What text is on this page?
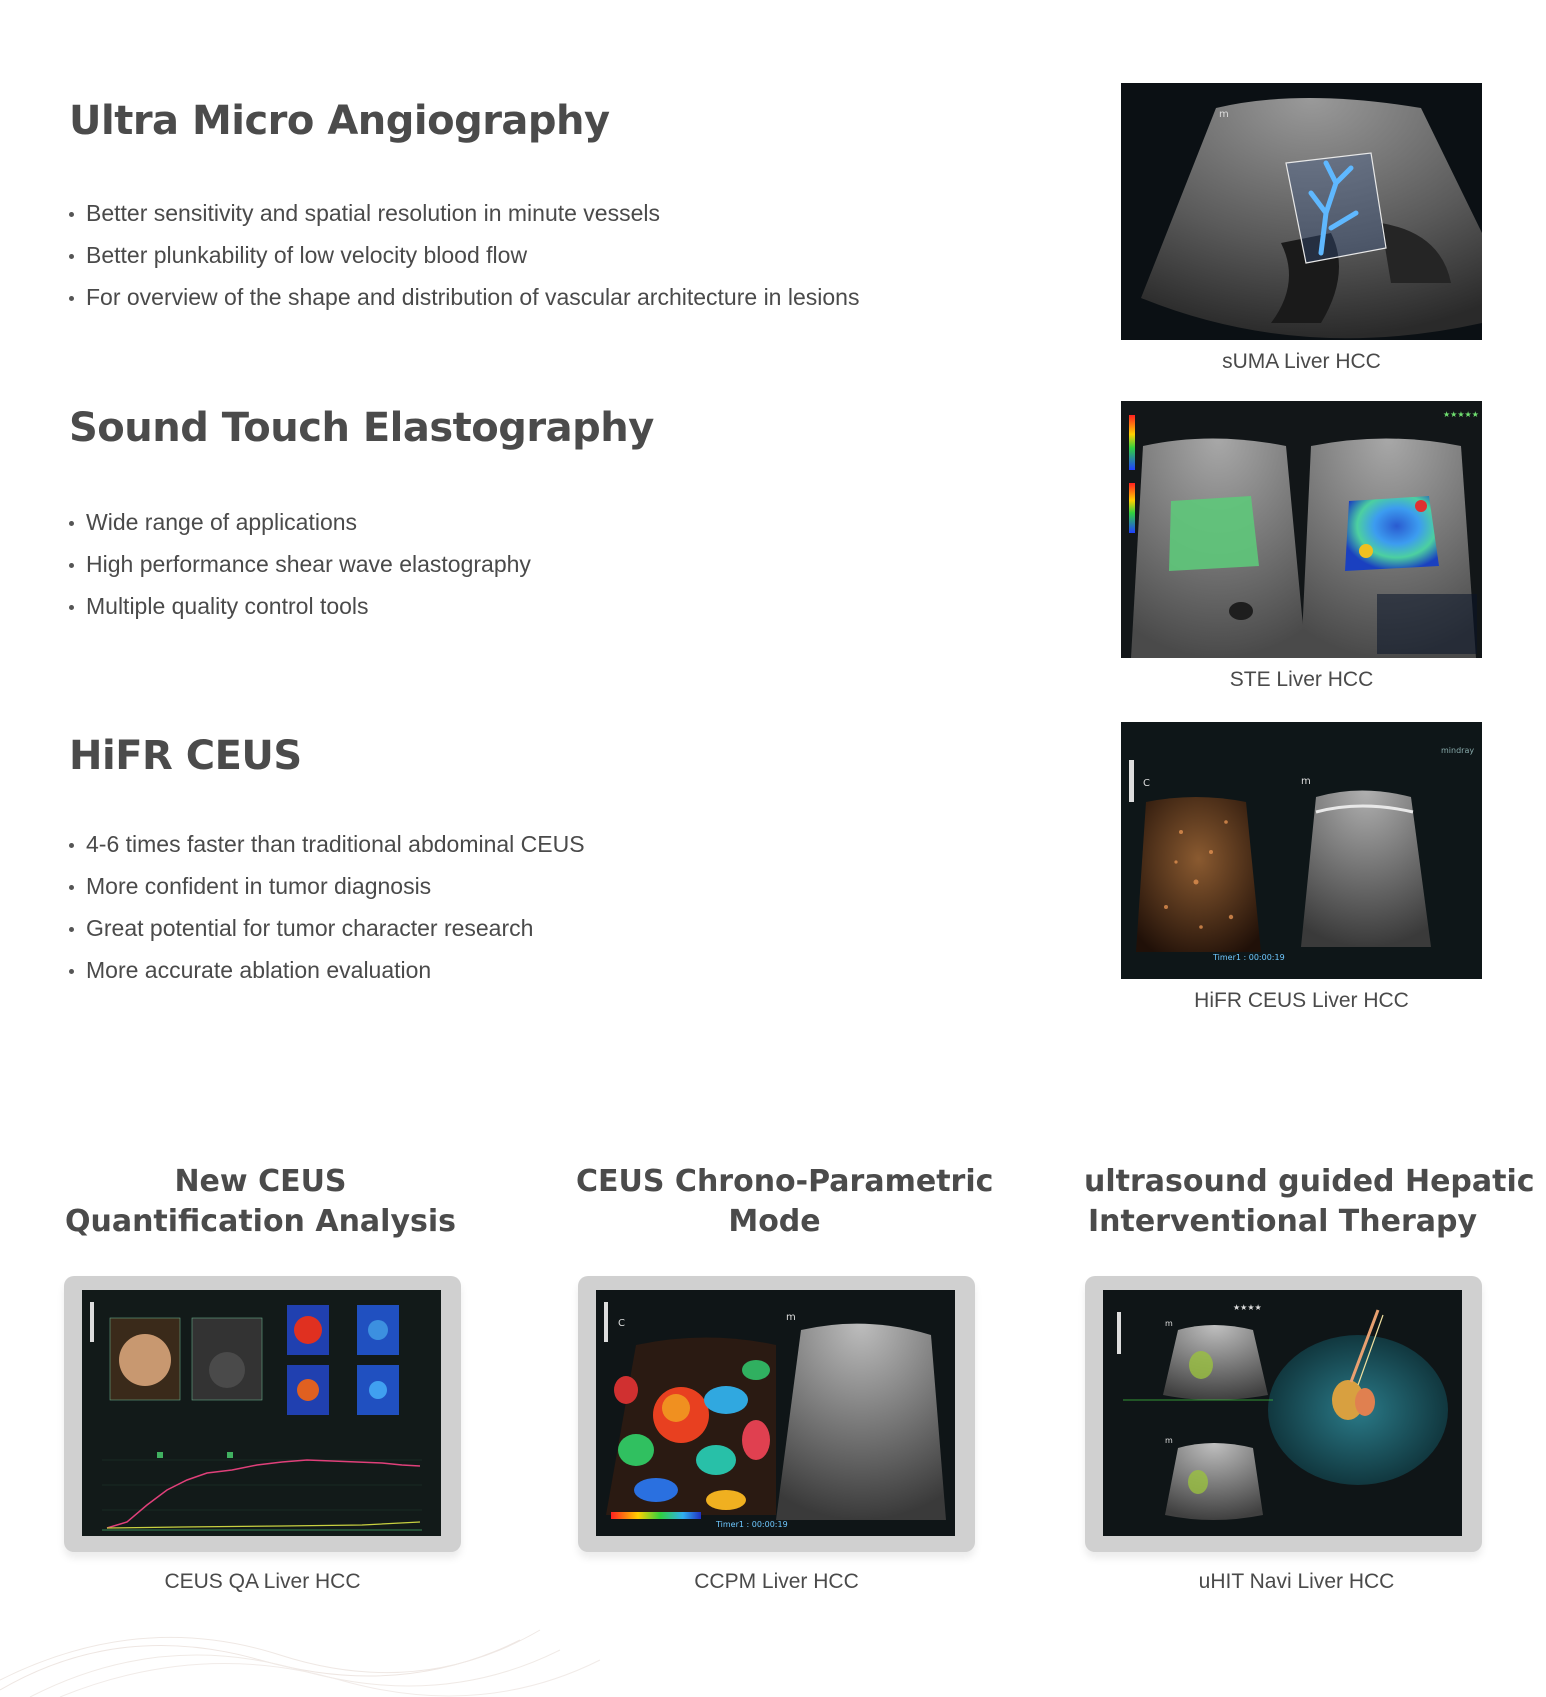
Ultra Micro Angiography
Better sensitivity and spatial resolution in minute vessels
Better plunkability of low velocity blood flow
For overview of the shape and distribution of vascular architecture in lesions
Sound Touch Elastography
Wide range of applications
High performance shear wave elastography
Multiple quality control tools
HiFR CEUS
4-6 times faster than traditional abdominal CEUS
More confident in tumor diagnosis
Great potential for tumor character research
More accurate ablation evaluation
m
sUMA Liver HCC
★★★★★
STE Liver HCC
C	m
Timer1 : 00:00:19
mindray
HiFR CEUS Liver HCC
New CEUS
Quantification Analysis
CEUS Chrono-Parametric
Mode
ultrasound guided Hepatic
Interventional Therapy
C
m
Timer1 : 00:00:19
★★★★
m
m
CEUS QA Liver HCC	CCPM Liver HCC	uHIT Navi Liver HCC
